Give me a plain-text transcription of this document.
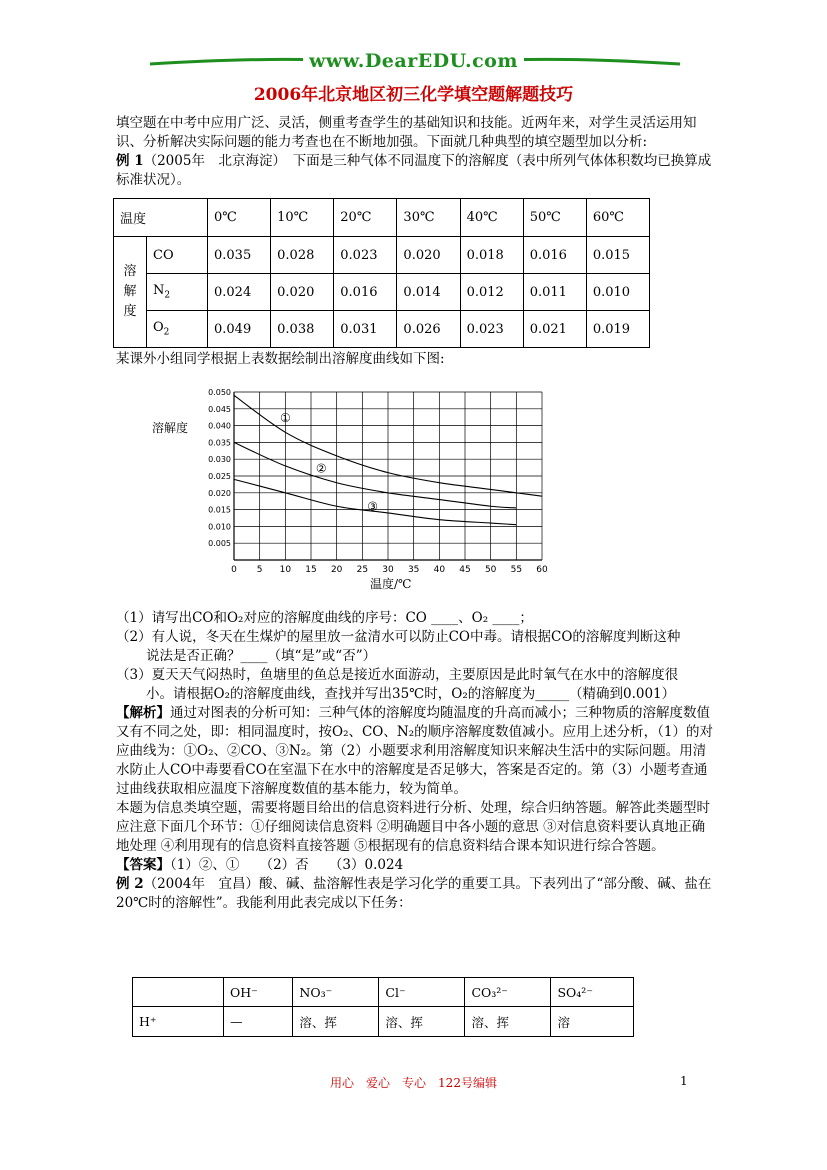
www.DearEDU.com
2006年北京地区初三化学填空题解题技巧
填空题在中考中应用广泛、灵活，侧重考查学生的基础知识和技能。近两年来，对学生灵活运用知识、分析解决实际问题的能力考查也在不断地加强。下面就几种典型的填空题型加以分析:
例 1（2005年　北京海淀）　下面是三种气体不同温度下的溶解度（表中所列气体体积数均已换算成标准状况）。
温度		0℃	10℃	20℃	30℃	40℃	50℃	60℃
溶
解
度	CO	0.035	0.028	0.023	0.020	0.018	0.016	0.015
	$N_2$	0.024	0.020	0.016	0.014	0.012	0.011	0.010
	$O_2$	0.049	0.038	0.031	0.026	0.023	0.021	0.019
某课外小组同学根据上表数据绘制出溶解度曲线如下图:
0 5 10 15 20 25 30 35 40 45 50 55 60
0.050
0.045
0.040
0.035
0.030
0.025
0.020
0.015
0.010
0.005
溶解度
温度/℃
①
②
③
（1）请写出CO和O₂对应的溶解度曲线的序号：CO ____、O₂ ____；
（2）有人说，冬天在生煤炉的屋里放一盆清水可以防止CO中毒。请根据CO的溶解度判断这种
说法是否正确？____（填“是”或“否”）
（3）夏天天气闷热时，鱼塘里的鱼总是接近水面游动，主要原因是此时氧气在水中的溶解度很
小。请根据O₂的溶解度曲线，查找并写出35℃时，O₂的溶解度为_____（精确到0.001）
【解析】通过对图表的分析可知：三种气体的溶解度均随温度的升高而减小；三种物质的溶解度数值又有不同之处，即：相同温度时，按O₂、CO、N₂的顺序溶解度数值减小。应用上述分析，（1）的对应曲线为：①O₂、②CO、③N₂。第（2）小题要求利用溶解度知识来解决生活中的实际问题。用清水防止人CO中毒要看CO在室温下在水中的溶解度是否足够大，答案是否定的。第（3）小题考查通过曲线获取相应温度下溶解度数值的基本能力，较为简单。
本题为信息类填空题，需要将题目给出的信息资料进行分析、处理，综合归纳答题。解答此类题型时应注意下面几个环节：①仔细阅读信息资料 ②明确题目中各小题的意思 ③对信息资料要认真地正确地处理 ④利用现有的信息资料直接答题 ⑤根据现有的信息资料结合课本知识进行综合答题。
【答案】（1）②、①　　（2）否　　（3）0.024
例 2（2004年　宜昌）酸、碱、盐溶解性表是学习化学的重要工具。下表列出了“部分酸、碱、盐在20℃时的溶解性”。我能利用此表完成以下任务：
	OH⁻	NO₃⁻	Cl⁻	CO₃²⁻	SO₄²⁻
H⁺	—	溶、挥	溶、挥	溶、挥	溶
用心　爱心　专心　122号编辑	1
